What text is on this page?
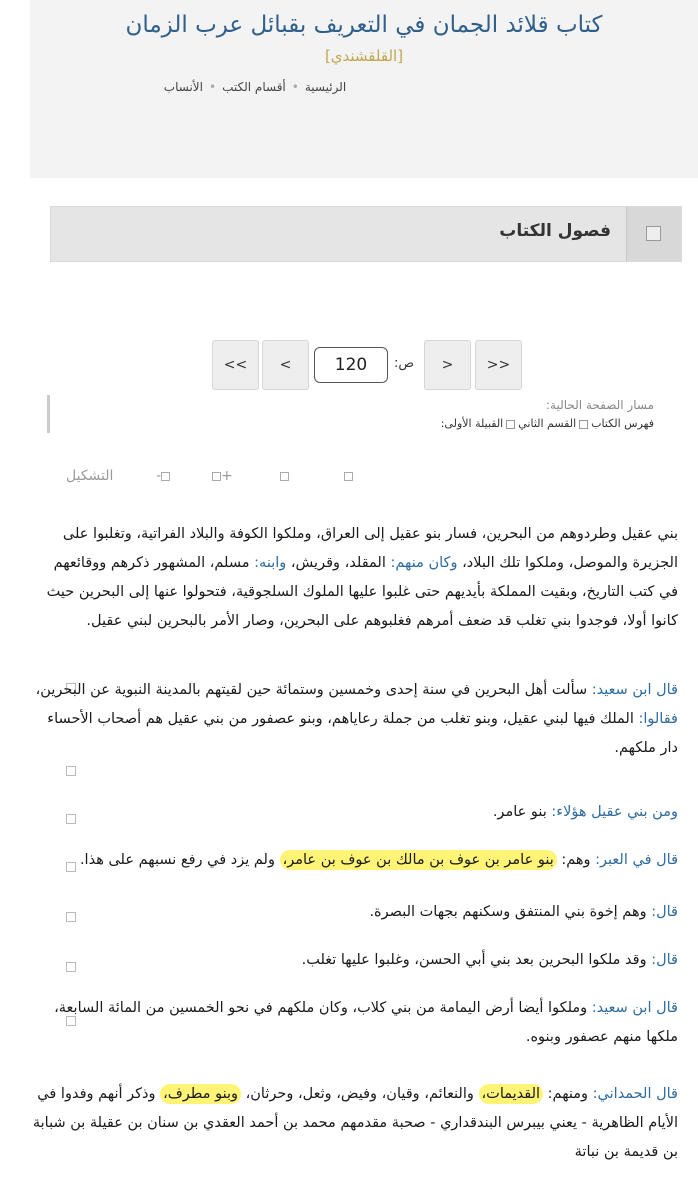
كتاب قلائد الجمان في التعريف بقبائل عرب الزمان
[القلقشندي]
الرئيسية•أقسام الكتب•الأنساب
فصول الكتاب
<<	<	120	ص:	>	>>
مسار الصفحة الحالية:
فهرس الكتابالقسم الثانيالقبيلة الأولى:
التشكيل	-	+
بني عقيل وطردوهم من البحرين، فسار بنو عقيل إلى العراق، وملكوا الكوفة والبلاد الفراتية، وتغلبوا على الجزيرة والموصل، وملكوا تلك البلاد، وكان منهم: المقلد، وقريش، وابنه: مسلم، المشهور ذكرهم ووقائعهم في كتب التاريخ، وبقيت المملكة بأيديهم حتى غلبوا عليها الملوك السلجوقية، فتحولوا عنها إلى البحرين حيث كانوا أولا، فوجدوا بني تغلب قد ضعف أمرهم فغلبوهم على البحرين، وصار الأمر بالبحرين لبني عقيل.
قال ابن سعيد: سألت أهل البحرين في سنة إحدى وخمسين وستمائة حين لقيتهم بالمدينة النبوية عن البحرين، فقالوا: الملك فيها لبني عقيل، وبنو تغلب من جملة رعاياهم، وبنو عصفور من بني عقيل هم أصحاب الأحساء دار ملكهم.
ومن بني عقيل هؤلاء: بنو عامر.
قال في العبر: وهم: بنو عامر بن عوف بن مالك بن عوف بن عامر، ولم يزد في رفع نسبهم على هذا.
قال: وهم إخوة بني المنتفق وسكنهم بجهات البصرة.
قال: وقد ملكوا البحرين بعد بني أبي الحسن، وغلبوا عليها تغلب.
قال ابن سعيد: وملكوا أيضا أرض اليمامة من بني كلاب، وكان ملكهم في نحو الخمسين من المائة السابعة، ملكها منهم عصفور وبنوه.
قال الحمداني: ومنهم: القديمات، والنعائم، وقيان، وفيض، وثعل، وحرثان، وبنو مطرف، وذكر أنهم وفدوا في الأيام الظاهرية - يعني بيبرس البندقداري - صحبة مقدمهم محمد بن أحمد العقدي بن سنان بن عقيلة بن شبابة بن قديمة بن نباتة
